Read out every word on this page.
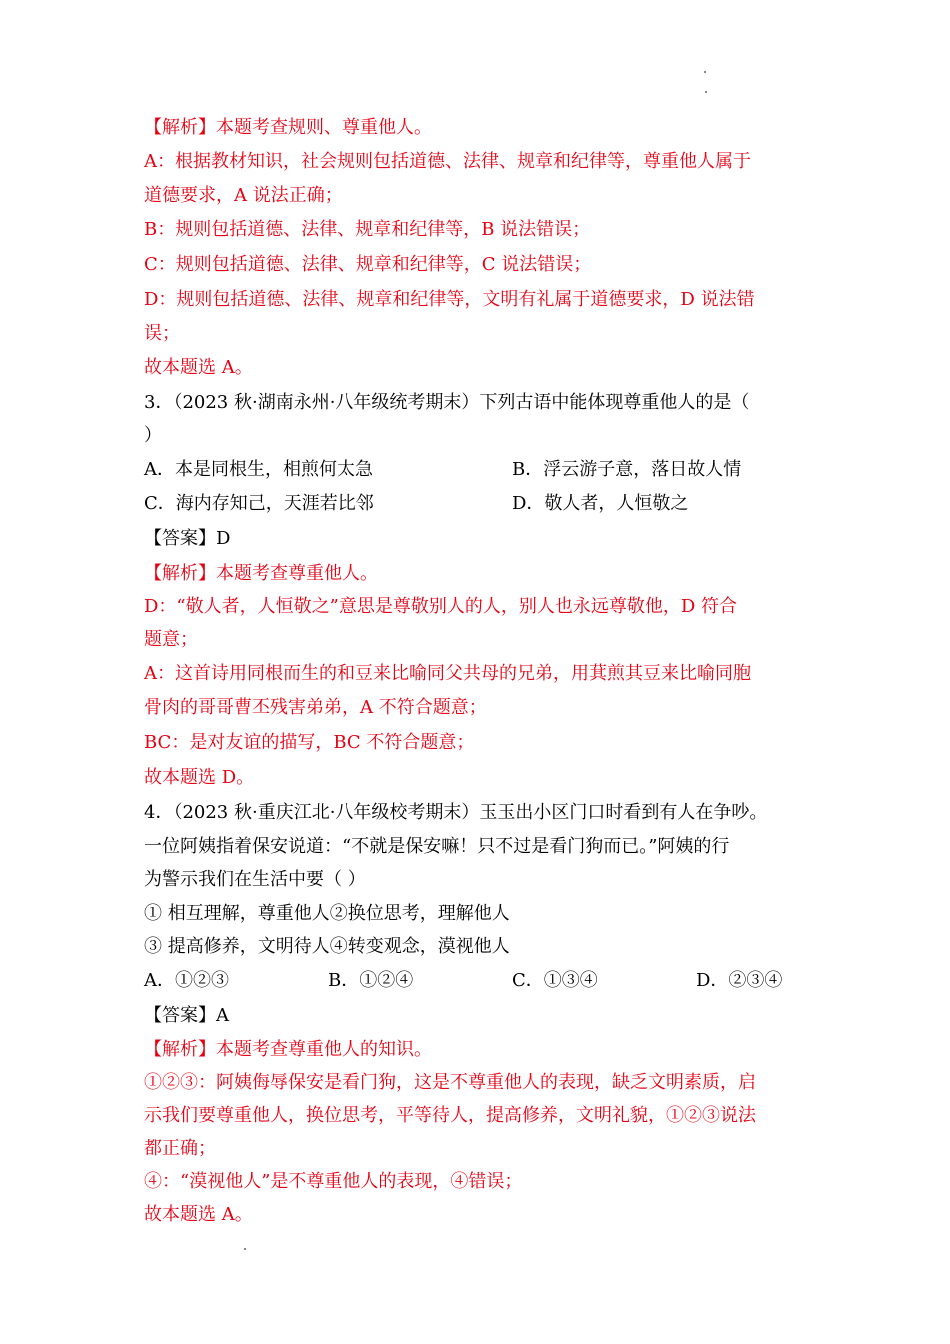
【解析】本题考查规则、尊重他人。
A：根据教材知识，社会规则包括道德、法律、规章和纪律等，尊重他人属于
道德要求，A 说法正确；
B：规则包括道德、法律、规章和纪律等，B 说法错误；
C：规则包括道德、法律、规章和纪律等，C 说法错误；
D：规则包括道德、法律、规章和纪律等，文明有礼属于道德要求，D 说法错
误；
故本题选 A。
3．（2023 秋·湖南永州·八年级统考期末）下列古语中能体现尊重他人的是（
）
A．本是同根生，相煎何太急	B．浮云游子意，落日故人情
C．海内存知己，天涯若比邻	D．敬人者，人恒敬之
【答案】D
【解析】本题考查尊重他人。
D：“敬人者，人恒敬之”意思是尊敬别人的人，别人也永远尊敬他，D 符合
题意；
A：这首诗用同根而生的和豆来比喻同父共母的兄弟，用萁煎其豆来比喻同胞
骨肉的哥哥曹丕残害弟弟，A 不符合题意；
BC：是对友谊的描写，BC 不符合题意；
故本题选 D。
4．（2023 秋·重庆江北·八年级校考期末）玉玉出小区门口时看到有人在争吵。
一位阿姨指着保安说道：“不就是保安嘛！只不过是看门狗而已。”阿姨的行
为警示我们在生活中要（ ）
① 相互理解，尊重他人②换位思考，理解他人
③ 提高修养，文明待人④转变观念，漠视他人
A．①②③	B．①②④	C．①③④	D．②③④
【答案】A
【解析】本题考查尊重他人的知识。
①②③：阿姨侮辱保安是看门狗，这是不尊重他人的表现，缺乏文明素质，启
示我们要尊重他人，换位思考，平等待人，提高修养，文明礼貌，①②③说法
都正确；
④：“漠视他人”是不尊重他人的表现，④错误；
故本题选 A。
